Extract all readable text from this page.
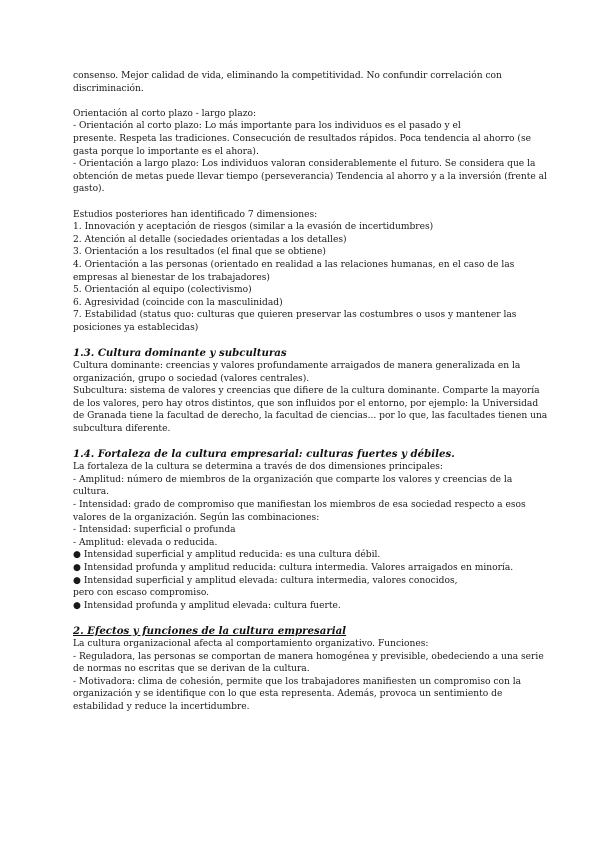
consenso. Mejor calidad de vida, eliminando la competitividad. No confundir correlación con
discriminación.
Orientación al corto plazo - largo plazo:
- Orientación al corto plazo: Lo más importante para los individuos es el pasado y el
presente. Respeta las tradiciones. Consecución de resultados rápidos. Poca tendencia al ahorro (se
gasta porque lo importante es el ahora).
- Orientación a largo plazo: Los individuos valoran considerablemente el futuro. Se considera que la
obtención de metas puede llevar tiempo (perseverancia) Tendencia al ahorro y a la inversión (frente al
gasto).
Estudios posteriores han identificado 7 dimensiones:
1. Innovación y aceptación de riesgos (similar a la evasión de incertidumbres)
2. Atención al detalle (sociedades orientadas a los detalles)
3. Orientación a los resultados (el final que se obtiene)
4. Orientación a las personas (orientado en realidad a las relaciones humanas, en el caso de las
empresas al bienestar de los trabajadores)
5. Orientación al equipo (colectivismo)
6. Agresividad (coincide con la masculinidad)
7. Estabilidad (status quo: culturas que quieren preservar las costumbres o usos y mantener las
posiciones ya establecidas)
1.3. Cultura dominante y subculturas
Cultura dominante: creencias y valores profundamente arraigados de manera generalizada en la
organización, grupo o sociedad (valores centrales).
Subcultura: sistema de valores y creencias que difiere de la cultura dominante. Comparte la mayoría
de los valores, pero hay otros distintos, que son influidos por el entorno, por ejemplo: la Universidad
de Granada tiene la facultad de derecho, la facultad de ciencias... por lo que, las facultades tienen una
subcultura diferente.
1.4. Fortaleza de la cultura empresarial: culturas fuertes y débiles.
La fortaleza de la cultura se determina a través de dos dimensiones principales:
- Amplitud: número de miembros de la organización que comparte los valores y creencias de la
cultura.
- Intensidad: grado de compromiso que manifiestan los miembros de esa sociedad respecto a esos
valores de la organización. Según las combinaciones:
- Intensidad: superficial o profunda
- Amplitud: elevada o reducida.
● Intensidad superficial y amplitud reducida: es una cultura débil.
● Intensidad profunda y amplitud reducida: cultura intermedia. Valores arraigados en minoría.
● Intensidad superficial y amplitud elevada: cultura intermedia, valores conocidos,
pero con escaso compromiso.
● Intensidad profunda y amplitud elevada: cultura fuerte.
2. Efectos y funciones de la cultura empresarial
La cultura organizacional afecta al comportamiento organizativo. Funciones:
- Reguladora, las personas se comportan de manera homogénea y previsible, obedeciendo a una serie
de normas no escritas que se derivan de la cultura.
- Motivadora: clima de cohesión, permite que los trabajadores manifiesten un compromiso con la
organización y se identifique con lo que esta representa. Además, provoca un sentimiento de
estabilidad y reduce la incertidumbre.
